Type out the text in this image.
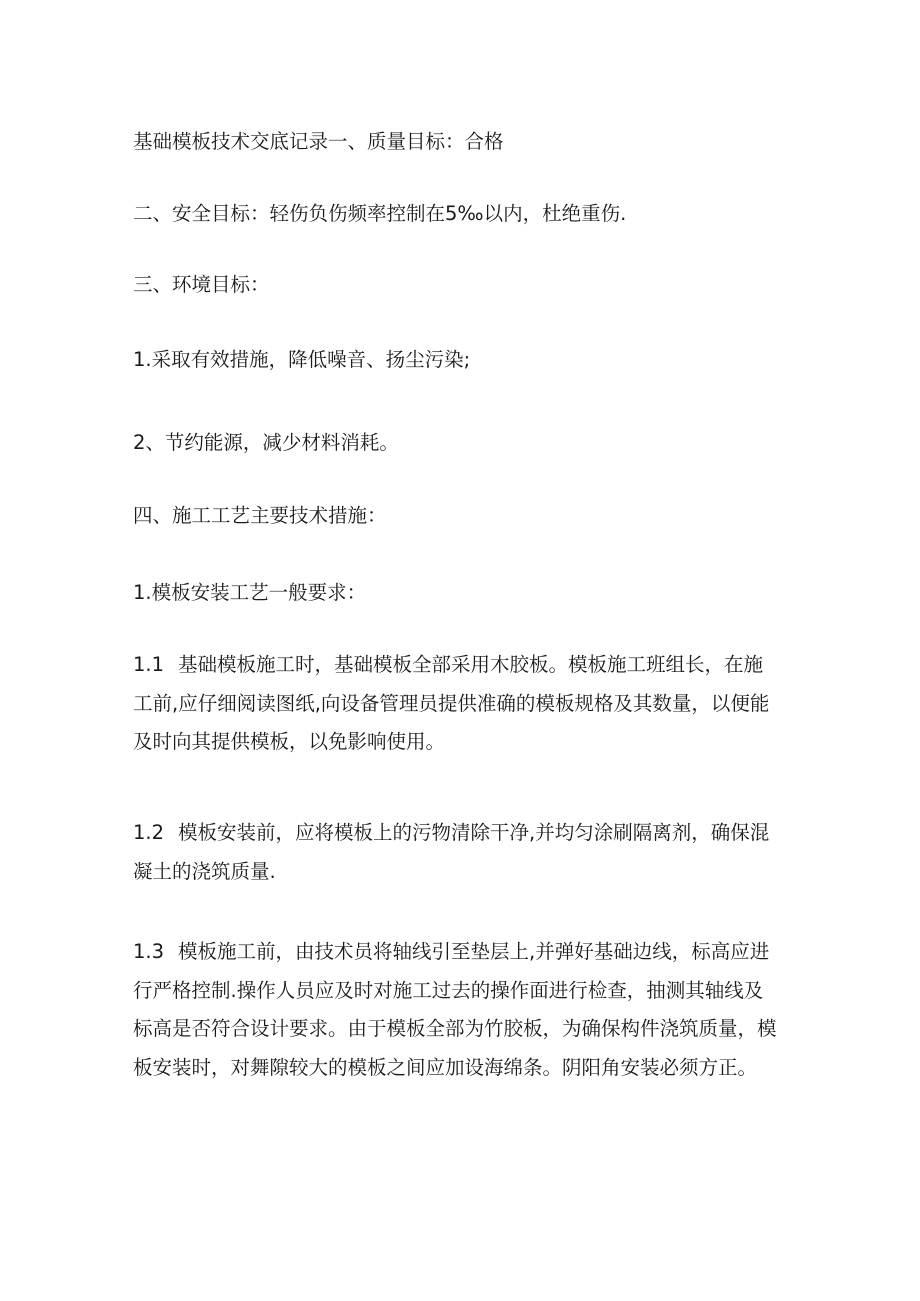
基础模板技术交底记录一、质量目标：合格
二、安全目标：轻伤负伤频率控制在5‰以内，杜绝重伤.
三、环境目标：
1.采取有效措施，降低噪音、扬尘污染;
2、节约能源，减少材料消耗。
四、施工工艺主要技术措施：
1.模板安装工艺一般要求：
1.1 基础模板施工时，基础模板全部采用木胶板。模板施工班组长，在施
工前,应仔细阅读图纸,向设备管理员提供准确的模板规格及其数量，以便能
及时向其提供模板，以免影响使用。
1.2 模板安装前，应将模板上的污物清除干净,并均匀涂刷隔离剂，确保混
凝土的浇筑质量.
1.3 模板施工前，由技术员将轴线引至垫层上,并弹好基础边线，标高应进
行严格控制.操作人员应及时对施工过去的操作面进行检查，抽测其轴线及
标高是否符合设计要求。由于模板全部为竹胶板，为确保构件浇筑质量，模
板安装时，对舞隙较大的模板之间应加设海绵条。阴阳角安装必须方正。
